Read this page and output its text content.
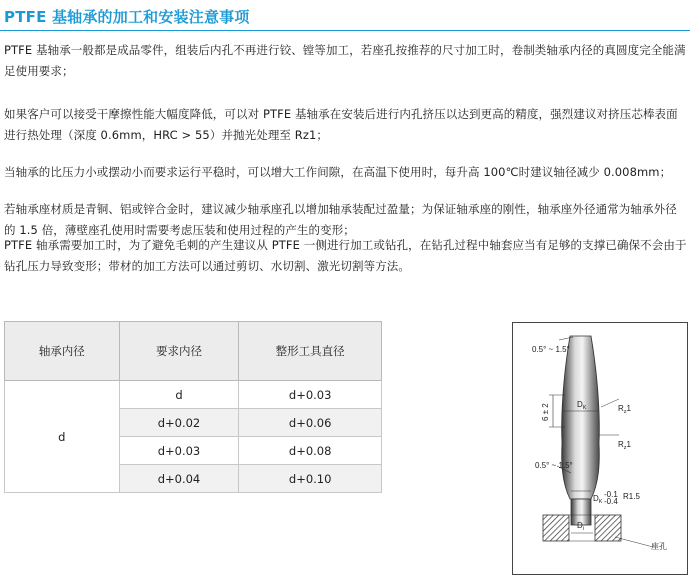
PTFE 基轴承的加工和安装注意事项

PTFE 基轴承一般都是成品零件，组装后内孔不再进行铰、镗等加工，若座孔按推荐的尺寸加工时，卷制类轴承内径的真圆度完全能满足使用要求；

如果客户可以接受干摩擦性能大幅度降低，可以对 PTFE 基轴承在安装后进行内孔挤压以达到更高的精度，强烈建议对挤压芯棒表面进行热处理（深度 0.6mm，HRC > 55）并抛光处理至 Rz1；

当轴承的比压力小或摆动小而要求运行平稳时，可以增大工作间隙，在高温下使用时，每升高 100℃时建议轴径减少 0.008mm；

若轴承座材质是青铜、铝或锌合金时，建议减少轴承座孔以增加轴承装配过盈量；为保证轴承座的刚性，轴承座外径通常为轴承外径的 1.5 倍，薄壁座孔使用时需要考虑压装和使用过程的产生的变形；

PTFE 轴承需要加工时，为了避免毛刺的产生建议从 PTFE 一侧进行加工或钻孔，在钻孔过程中轴套应当有足够的支撑已确保不会由于钻孔压力导致变形；带材的加工方法可以通过剪切、水切割、激光切割等方法。

轴承内径	要求内径	整形工具直径
d	d	d+0.03
	d+0.02	d+0.06
	d+0.03	d+0.08
	d+0.04	d+0.10
0.5° ~ 1.5°
6 ± 2	$D_K$	$R_z1$
$R_z1$
0.5° ~ 1.5°
$D_K$
-0.1
-0.4
R1.5
$D_i$
座孔
